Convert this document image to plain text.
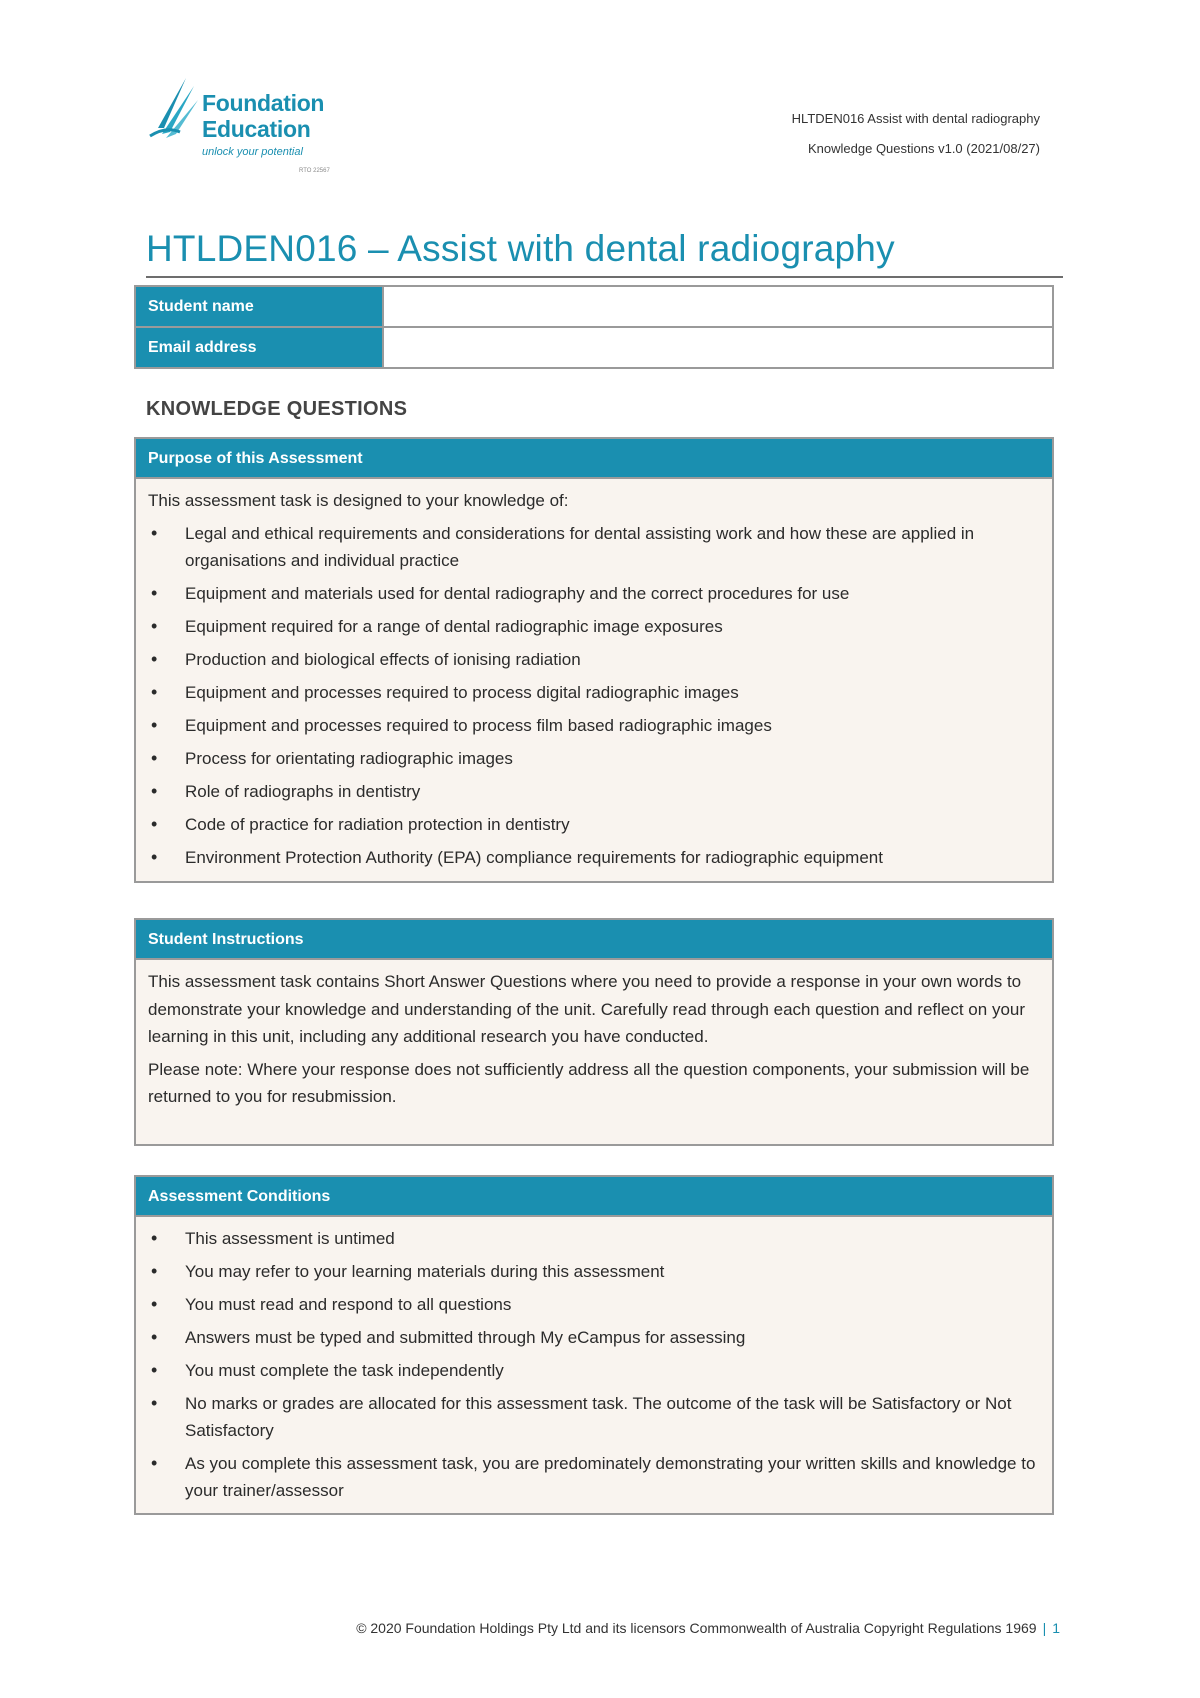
Foundation
Education
unlock your potential
RTO 22567
HLTDEN016 Assist with dental radiography
Knowledge Questions v1.0 (2021/08/27)
HTLDEN016 – Assist with dental radiography
Student name	
Email address	
KNOWLEDGE QUESTIONS
Purpose of this Assessment

This assessment task is designed to your knowledge of:

• Legal and ethical requirements and considerations for dental assisting work and how these are applied in organisations and individual practice
• Equipment and materials used for dental radiography and the correct procedures for use
• Equipment required for a range of dental radiographic image exposures
• Production and biological effects of ionising radiation
• Equipment and processes required to process digital radiographic images
• Equipment and processes required to process film based radiographic images
• Process for orientating radiographic images
• Role of radiographs in dentistry
• Code of practice for radiation protection in dentistry
• Environment Protection Authority (EPA) compliance requirements for radiographic equipment
Student Instructions

This assessment task contains Short Answer Questions where you need to provide a response in your own words to demonstrate your knowledge and understanding of the unit. Carefully read through each question and reflect on your learning in this unit, including any additional research you have conducted.

Please note: Where your response does not sufficiently address all the question components, your submission will be returned to you for resubmission.

Assessment Conditions
• This assessment is untimed
• You may refer to your learning materials during this assessment
• You must read and respond to all questions
• Answers must be typed and submitted through My eCampus for assessing
• You must complete the task independently
• No marks or grades are allocated for this assessment task. The outcome of the task will be Satisfactory or Not Satisfactory
• As you complete this assessment task, you are predominately demonstrating your written skills and knowledge to your trainer/assessor
© 2020 Foundation Holdings Pty Ltd and its licensors Commonwealth of Australia Copyright Regulations 1969 | 1
